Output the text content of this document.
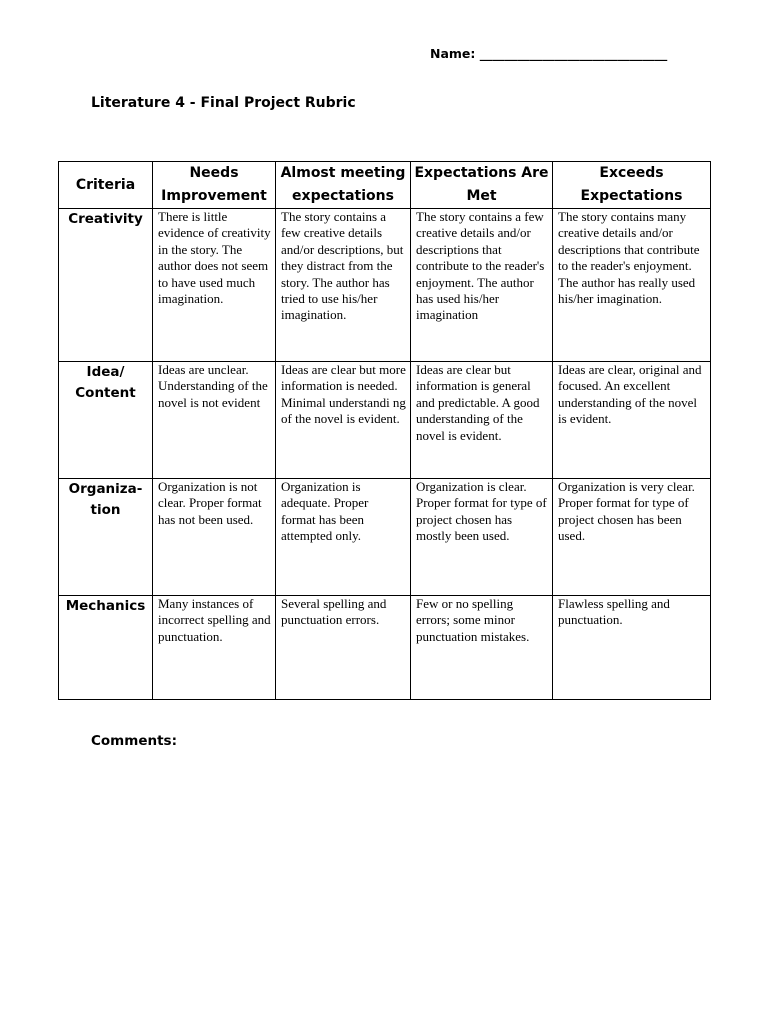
Name: ______________________________
Literature 4 - Final Project Rubric
Criteria	Needs Improvement	Almost meeting expectations	Expectations Are Met	Exceeds Expectations
Creativity	There is little evidence of creativity in the story. The author does not seem to have used much imagination.	The story contains a few creative details and/or descriptions, but they distract from the story. The author has tried to use his/her imagination.	The story contains a few creative details and/or descriptions that contribute to the reader's enjoyment. The author has used his/her imagination	The story contains many creative details and/or descriptions that contribute to the reader's enjoyment. The author has really used his/her imagination.
Idea/ Content	Ideas are unclear. Understanding of the novel is not evident	Ideas are clear but more information is needed. Minimal understandi ng of the novel is evident.	Ideas are clear but information is general and predictable. A good understanding of the novel is evident.	Ideas are clear, original and focused. An excellent understanding of the novel is evident.
Organiza- tion	Organization is not clear. Proper format has not been used.	Organization is adequate. Proper format has been attempted only.	Organization is clear. Proper format for type of project chosen has mostly been used.	Organization is very clear. Proper format for type of project chosen has been used.
Mechanics	Many instances of incorrect spelling and punctuation.	Several spelling and punctuation errors.	Few or no spelling errors; some minor punctuation mistakes.	Flawless spelling and punctuation.
Comments:
